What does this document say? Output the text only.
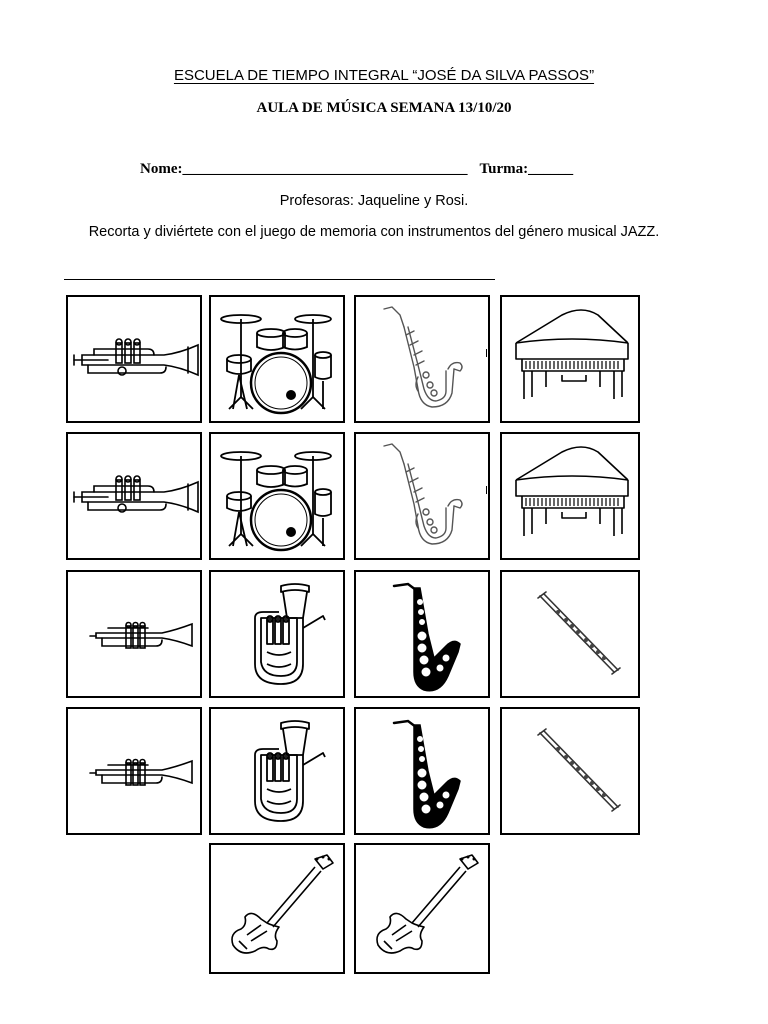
ESCUELA DE TIEMPO INTEGRAL “JOSÉ DA SILVA PASSOS”
AULA DE MÚSICA SEMANA 13/10/20
Nome:______________________________________ Turma:______
Profesoras: Jaqueline y Rosi.
Recorta y diviértete con el juego de memoria con instrumentos del género musical JAZZ.
